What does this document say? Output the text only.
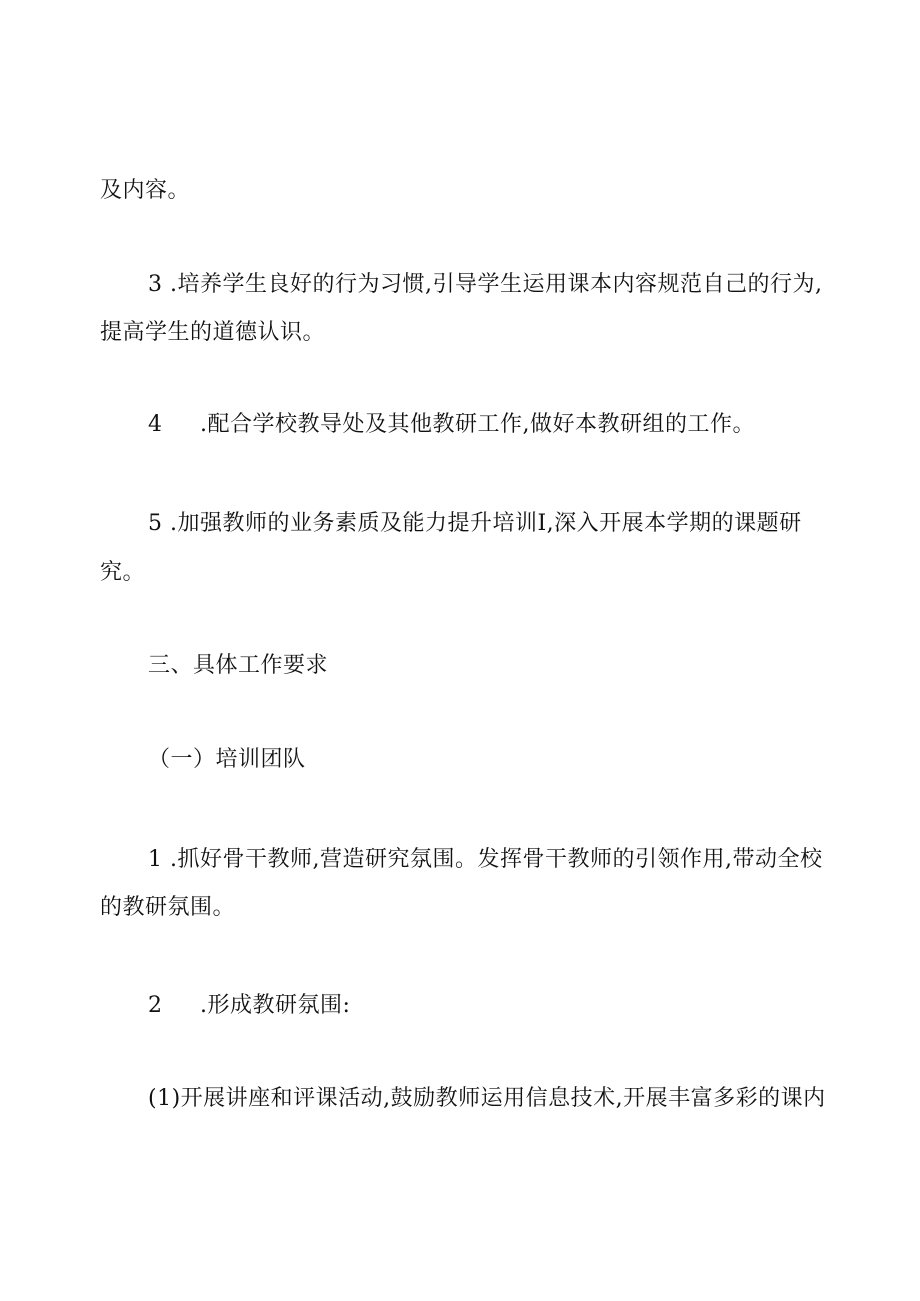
及内容。
3 .培养学生良好的行为习惯,引导学生运用课本内容规范自己的行为,
提高学生的道德认识。
4 .配合学校教导处及其他教研工作,做好本教研组的工作。
5 .加强教师的业务素质及能力提升培训I,深入开展本学期的课题研
究。
三、具体工作要求
（一）培训团队
1 .抓好骨干教师,营造研究氛围。发挥骨干教师的引领作用,带动全校
的教研氛围。
2 .形成教研氛围:
(1)开展讲座和评课活动,鼓励教师运用信息技术,开展丰富多彩的课内
